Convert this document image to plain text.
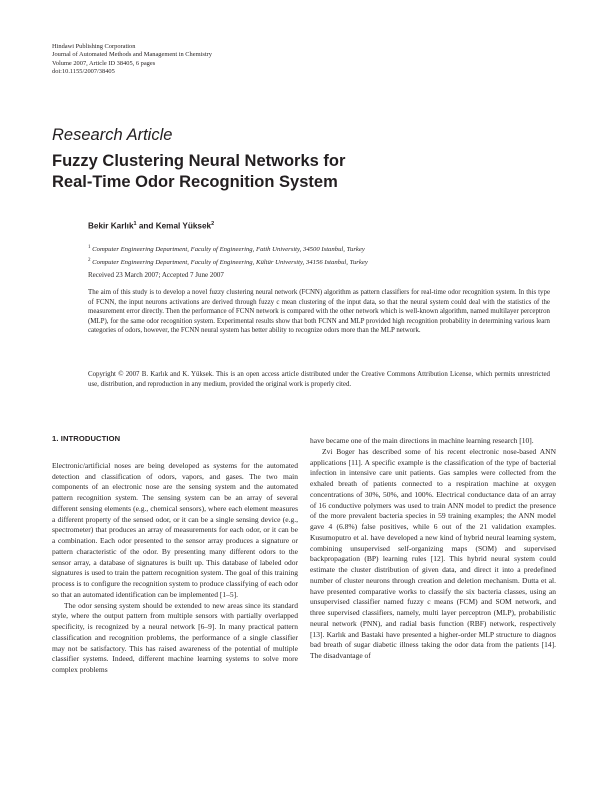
Hindawi Publishing Corporation
Journal of Automated Methods and Management in Chemistry
Volume 2007, Article ID 38405, 6 pages
doi:10.1155/2007/38405
Research Article
Fuzzy Clustering Neural Networks for
Real-Time Odor Recognition System
Bekir Karlık$^1$ and Kemal Yüksek$^2$
$^1$ Computer Engineering Department, Faculty of Engineering, Fatih University, 34500 Istanbul, Turkey
$^2$ Computer Engineering Department, Faculty of Engineering, Kültür University, 34156 Istanbul, Turkey
Received 23 March 2007; Accepted 7 June 2007
The aim of this study is to develop a novel fuzzy clustering neural network (FCNN) algorithm as pattern classifiers for real-time odor recognition system. In this type of FCNN, the input neurons activations are derived through fuzzy c mean clustering of the input data, so that the neural system could deal with the statistics of the measurement error directly. Then the performance of FCNN network is compared with the other network which is well-known algorithm, named multilayer perceptron (MLP), for the same odor recognition system. Experimental results show that both FCNN and MLP provided high recognition probability in determining various learn categories of odors, however, the FCNN neural system has better ability to recognize odors more than the MLP network.
Copyright © 2007 B. Karlık and K. Yüksek. This is an open access article distributed under the Creative Commons Attribution License, which permits unrestricted use, distribution, and reproduction in any medium, provided the original work is properly cited.
1. INTRODUCTION

Electronic/artificial noses are being developed as systems for the automated detection and classification of odors, vapors, and gases. The two main components of an electronic nose are the sensing system and the automated pattern recognition system. The sensing system can be an array of several different sensing elements (e.g., chemical sensors), where each element measures a different property of the sensed odor, or it can be a single sensing device (e.g., spectrometer) that produces an array of measurements for each odor, or it can be a combination. Each odor presented to the sensor array produces a signature or pattern characteristic of the odor. By presenting many different odors to the sensor array, a database of signatures is built up. This database of labeled odor signatures is used to train the pattern recognition system. The goal of this training process is to configure the recognition system to produce classifying of each odor so that an automated identification can be implemented [1–5].

The odor sensing system should be extended to new areas since its standard style, where the output pattern from multiple sensors with partially overlapped specificity, is recognized by a neural network [6–9]. In many practical pattern classification and recognition problems, the performance of a single classifier may not be satisfactory. This has raised awareness of the potential of multiple classifier systems. Indeed, different machine learning systems to solve more complex problems

have became one of the main directions in machine learning research [10].

Zvi Boger has described some of his recent electronic nose-based ANN applications [11]. A specific example is the classification of the type of bacterial infection in intensive care unit patients. Gas samples were collected from the exhaled breath of patients connected to a respiration machine at oxygen concentrations of 30%, 50%, and 100%. Electrical conductance data of an array of 16 conductive polymers was used to train ANN model to predict the presence of the more prevalent bacteria species in 59 training examples; the ANN model gave 4 (6.8%) false positives, while 6 out of the 21 validation examples. Kusumoputro et al. have developed a new kind of hybrid neural learning system, combining unsupervised self-organizing maps (SOM) and supervised backpropagation (BP) learning rules [12]. This hybrid neural system could estimate the cluster distribution of given data, and direct it into a predefined number of cluster neurons through creation and deletion mechanism. Dutta et al. have presented comparative works to classify the six bacteria classes, using an unsupervised classifier named fuzzy c means (FCM) and SOM network, and three supervised classifiers, namely, multi layer perceptron (MLP), probabilistic neural network (PNN), and radial basis function (RBF) network, respectively [13]. Karlık and Bastaki have presented a higher-order MLP structure to diagnos bad breath of sugar diabetic illness taking the odor data from the patients [14]. The disadvantage of
